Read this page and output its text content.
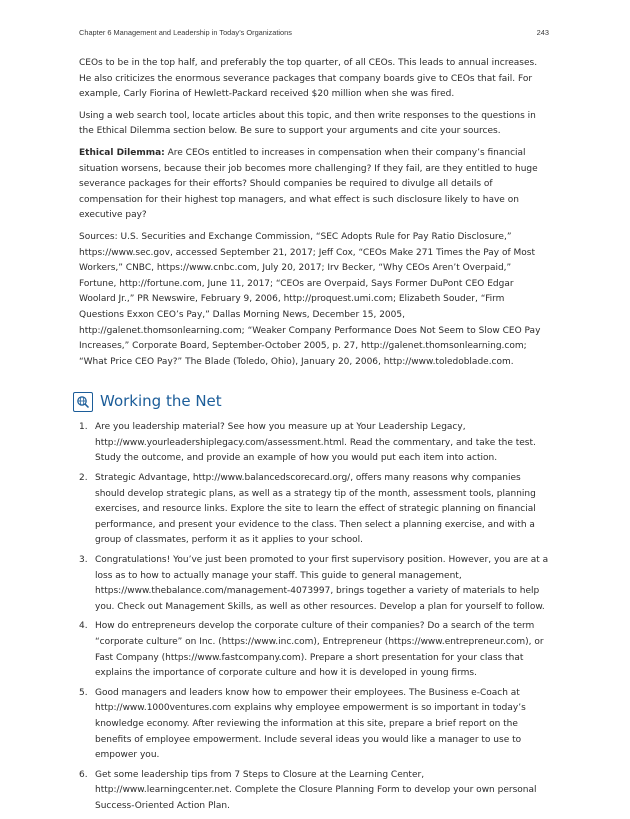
Chapter 6 Management and Leadership in Today’s Organizations	243

CEOs to be in the top half, and preferably the top quarter, of all CEOs. This leads to annual increases. He also criticizes the enormous severance packages that company boards give to CEOs that fail. For example, Carly Fiorina of Hewlett-Packard received $20 million when she was fired.

Using a web search tool, locate articles about this topic, and then write responses to the questions in the Ethical Dilemma section below. Be sure to support your arguments and cite your sources.

Ethical Dilemma: Are CEOs entitled to increases in compensation when their company’s financial situation worsens, because their job becomes more challenging? If they fail, are they entitled to huge severance packages for their efforts? Should companies be required to divulge all details of compensation for their highest top managers, and what effect is such disclosure likely to have on executive pay?

Sources: U.S. Securities and Exchange Commission, “SEC Adopts Rule for Pay Ratio Disclosure,” https://www.sec.gov, accessed September 21, 2017; Jeff Cox, “CEOs Make 271 Times the Pay of Most Workers,” CNBC, https://www.cnbc.com, July 20, 2017; Irv Becker, “Why CEOs Aren’t Overpaid,” Fortune, http://fortune.com, June 11, 2017; “CEOs are Overpaid, Says Former DuPont CEO Edgar Woolard Jr.,” PR Newswire, February 9, 2006, http://proquest.umi.com; Elizabeth Souder, “Firm Questions Exxon CEO’s Pay,” Dallas Morning News, December 15, 2005, http://galenet.thomsonlearning.com; “Weaker Company Performance Does Not Seem to Slow CEO Pay Increases,” Corporate Board, September-October 2005, p. 27, http://galenet.thomsonlearning.com; “What Price CEO Pay?” The Blade (Toledo, Ohio), January 20, 2006, http://www.toledoblade.com.

Working the Net
1. Are you leadership material? See how you measure up at Your Leadership Legacy, http://www.yourleadershiplegacy.com/assessment.html. Read the commentary, and take the test. Study the outcome, and provide an example of how you would put each item into action.
2. Strategic Advantage, http://www.balancedscorecard.org/, offers many reasons why companies should develop strategic plans, as well as a strategy tip of the month, assessment tools, planning exercises, and resource links. Explore the site to learn the effect of strategic planning on financial performance, and present your evidence to the class. Then select a planning exercise, and with a group of classmates, perform it as it applies to your school.
3. Congratulations! You’ve just been promoted to your first supervisory position. However, you are at a loss as to how to actually manage your staff. This guide to general management, https://www.thebalance.com/management-4073997, brings together a variety of materials to help you. Check out Management Skills, as well as other resources. Develop a plan for yourself to follow.
4. How do entrepreneurs develop the corporate culture of their companies? Do a search of the term “corporate culture” on Inc. (https://www.inc.com), Entrepreneur (https://www.entrepreneur.com), or Fast Company (https://www.fastcompany.com). Prepare a short presentation for your class that explains the importance of corporate culture and how it is developed in young firms.
5. Good managers and leaders know how to empower their employees. The Business e-Coach at http://www.1000ventures.com explains why employee empowerment is so important in today’s knowledge economy. After reviewing the information at this site, prepare a brief report on the benefits of employee empowerment. Include several ideas you would like a manager to use to empower you.
6. Get some leadership tips from 7 Steps to Closure at the Learning Center, http://www.learningcenter.net. Complete the Closure Planning Form to develop your own personal Success-Oriented Action Plan.
